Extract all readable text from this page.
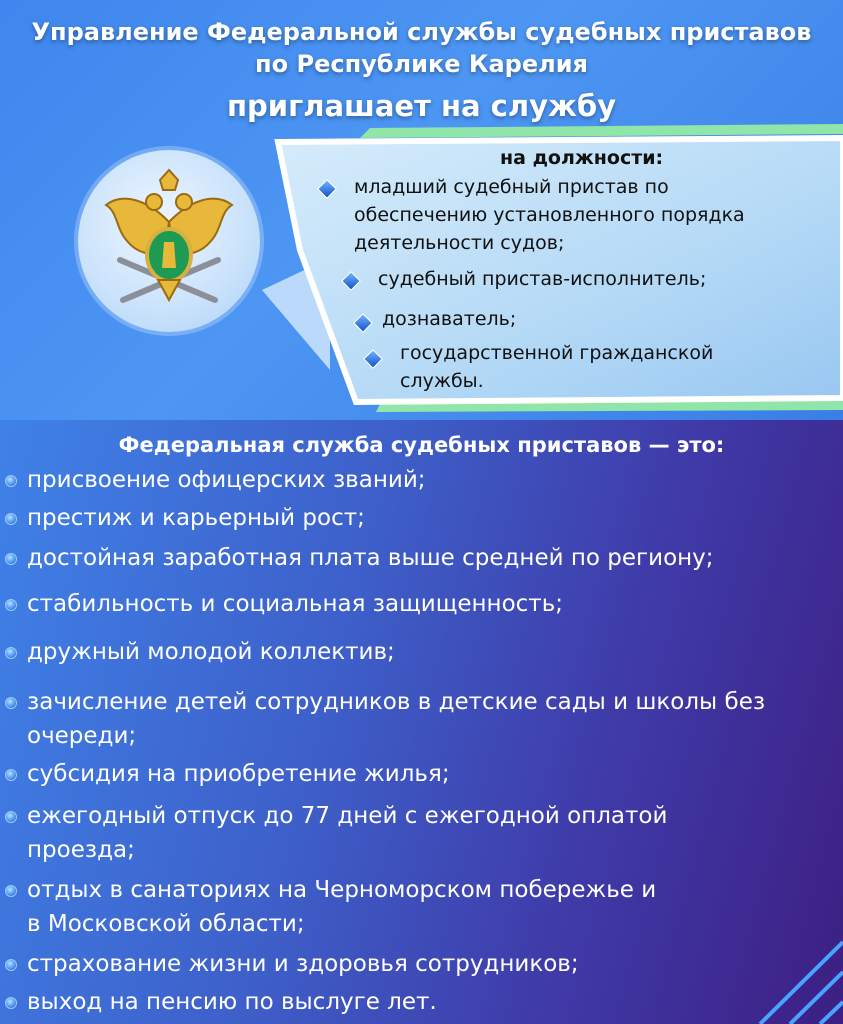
Управление Федеральной службы судебных приставов
по Республике Карелия
приглашает на службу
на должности:
младший судебный пристав по
обеспечению установленного порядка
деятельности судов;
судебный пристав-исполнитель;
дознаватель;
государственной гражданской
службы.
Федеральная служба судебных приставов — это:
присвоение офицерских званий;
престиж и карьерный рост;
достойная заработная плата выше средней по региону;
стабильность и социальная защищенность;
дружный молодой коллектив;
зачисление детей сотрудников в детские сады и школы без
очереди;
субсидия на приобретение жилья;
ежегодный отпуск до 77 дней с ежегодной оплатой
проезда;
отдых в санаториях на Черноморском побережье и
в Московской области;
страхование жизни и здоровья сотрудников;
выход на пенсию по выслуге лет.
